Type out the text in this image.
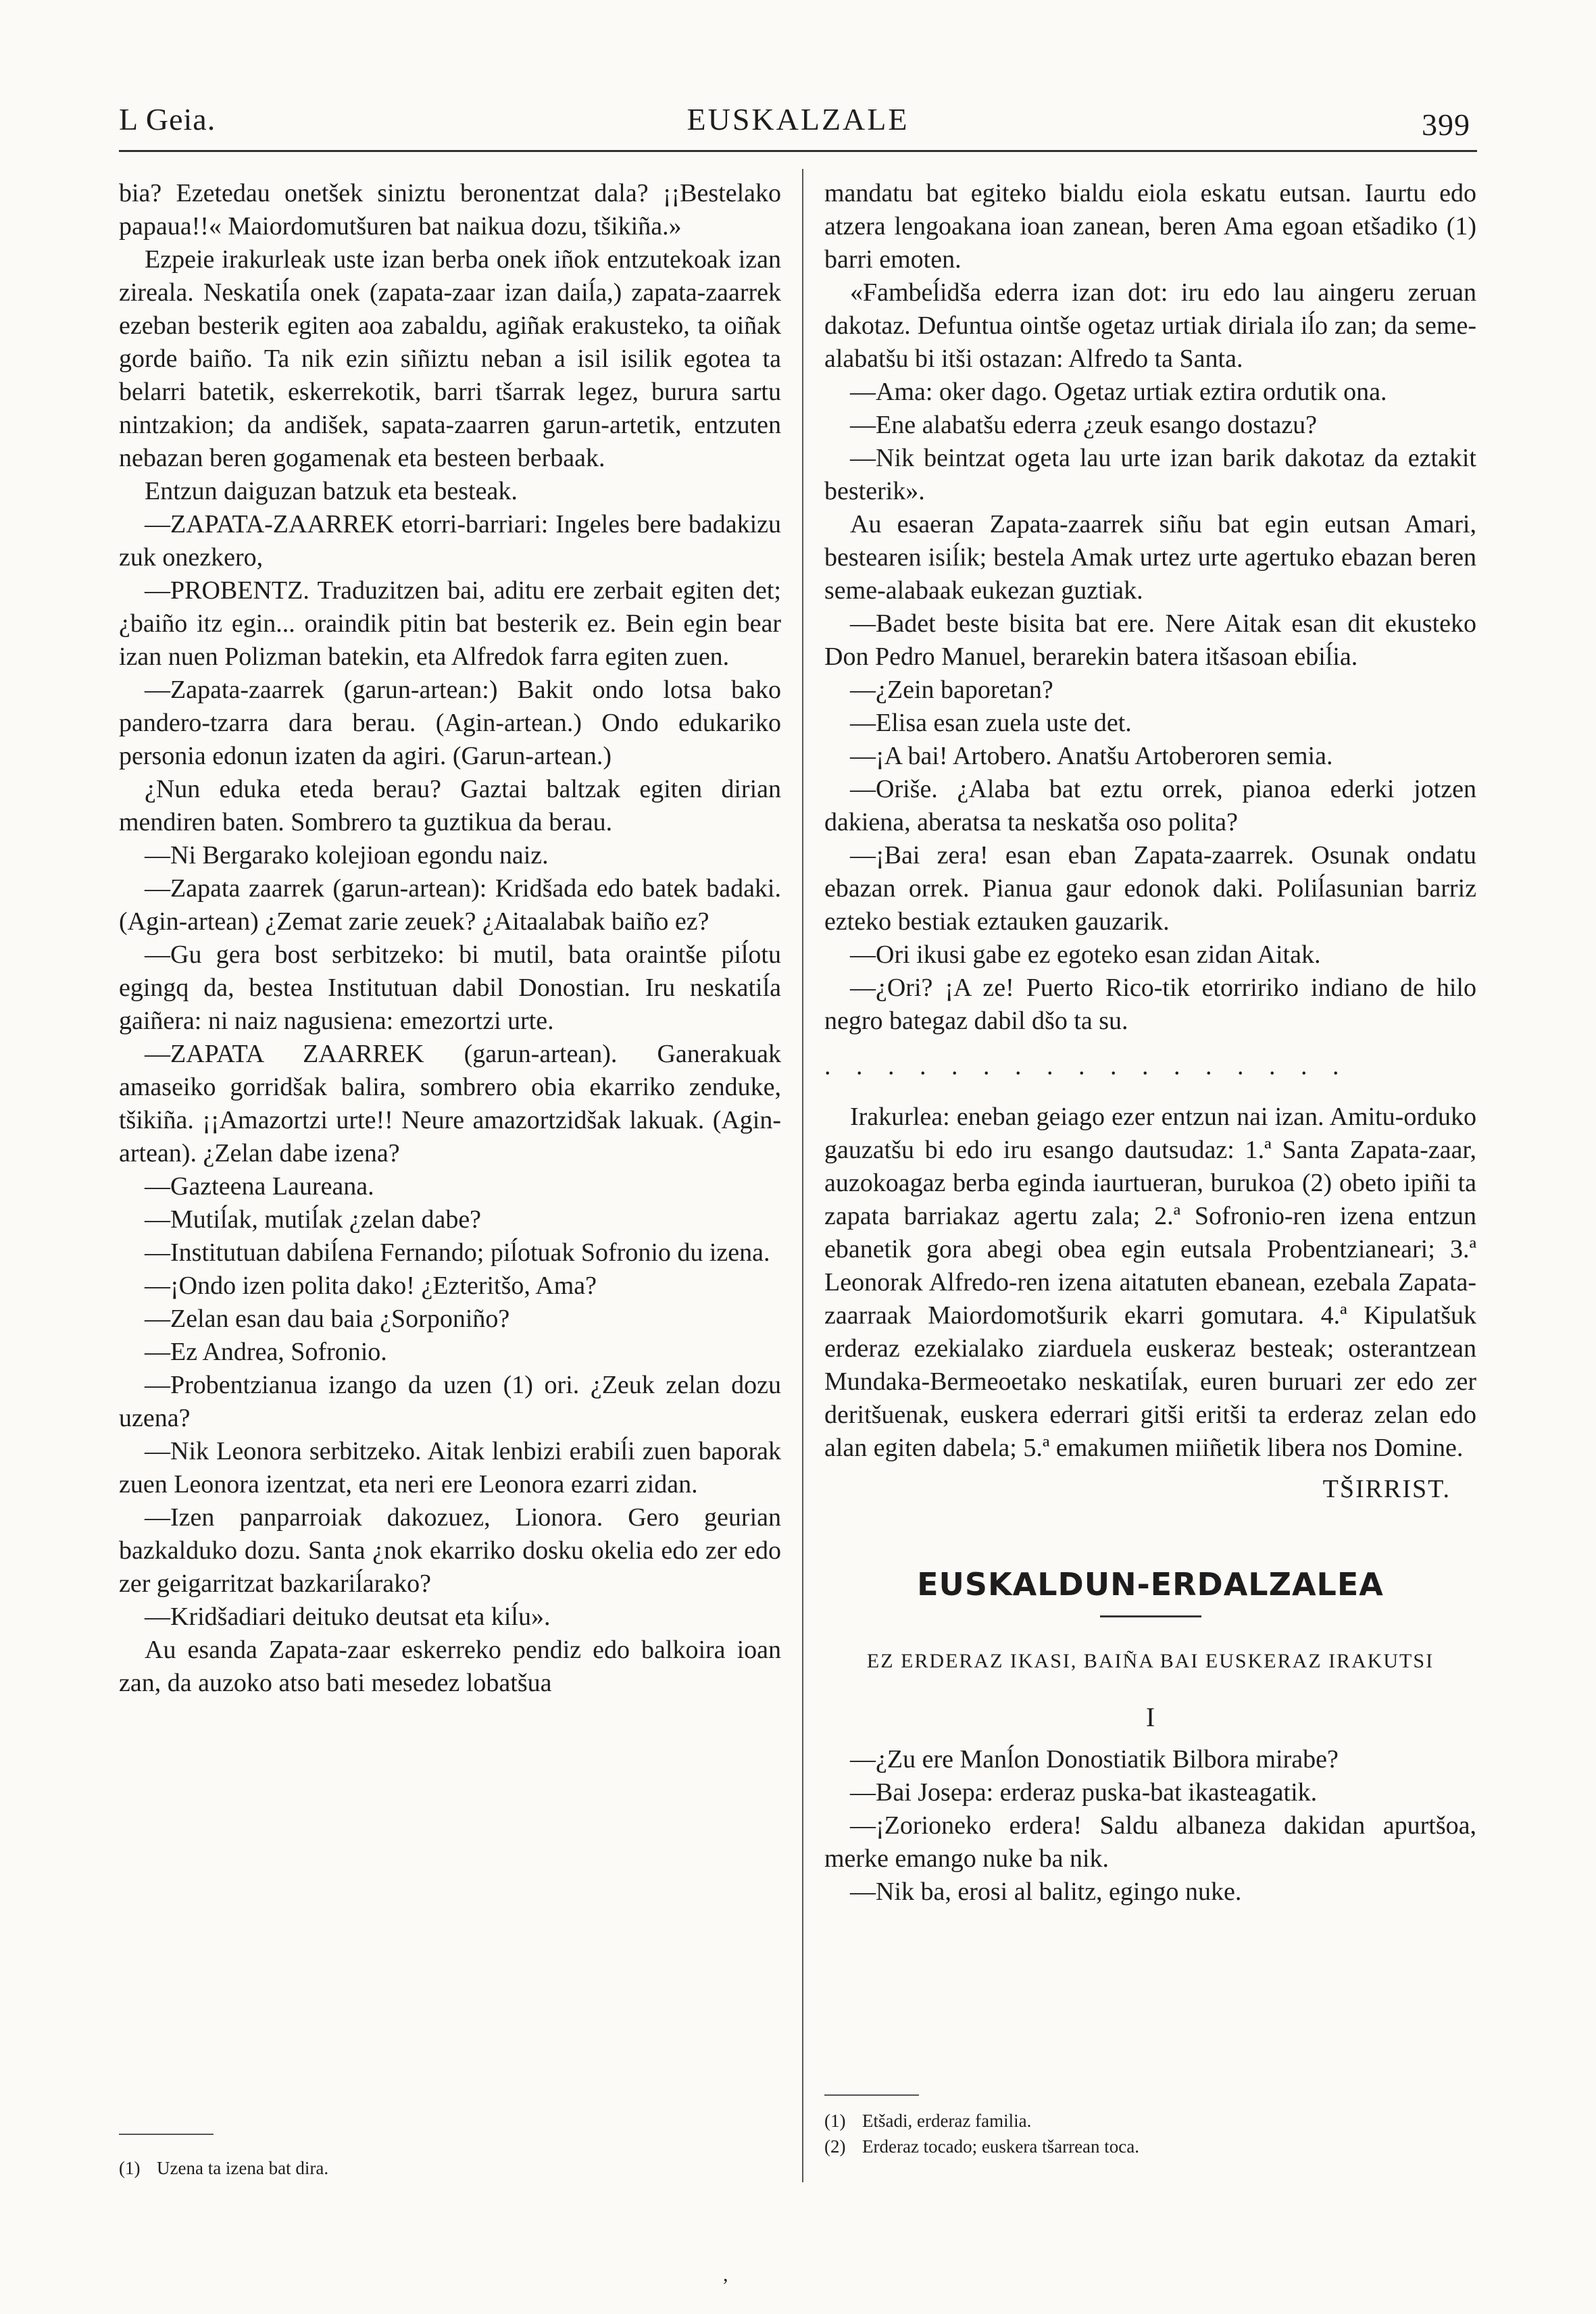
L Geia.	EUSKALZALE	399

bia? Ezetedau onetšek siniztu beronentzat dala? ¡¡Bestelako papaua!!« Maiordomutšuren bat naikua dozu, tšikiña.»

Ezpeie irakurleak uste izan berba onek iñok entzutekoak izan zireala. Neskatiĺa onek (zapata-zaar izan daiĺa,) zapata-zaarrek ezeban besterik egiten aoa zabaldu, agiñak erakusteko, ta oiñak gorde baiño. Ta nik ezin siñiztu neban a isil isilik egotea ta belarri batetik, eskerrekotik, barri tšarrak legez, burura sartu nintzakion; da andišek, sapata-zaarren garun-artetik, entzuten nebazan beren gogamenak eta besteen berbaak.

Entzun daiguzan batzuk eta besteak.

—ZAPATA-ZAARREK etorri-barriari: Ingeles bere badakizu zuk onezkero,

—PROBENTZ. Traduzitzen bai, aditu ere zerbait egiten det; ¿baiño itz egin... oraindik pitin bat besterik ez. Bein egin bear izan nuen Polizman batekin, eta Alfredok farra egiten zuen.

—Zapata-zaarrek (garun-artean:) Bakit ondo lotsa bako pandero-tzarra dara berau. (Agin-artean.) Ondo edukariko personia edonun izaten da agiri. (Garun-artean.)

¿Nun eduka eteda berau? Gaztai baltzak egiten dirian mendiren baten. Sombrero ta guztikua da berau.

—Ni Bergarako kolejioan egondu naiz.

—Zapata zaarrek (garun-artean): Kridšada edo batek badaki. (Agin-artean) ¿Zemat zarie zeuek? ¿Aitaalabak baiño ez?

—Gu gera bost serbitzeko: bi mutil, bata oraintše piĺotu egingq da, bestea Institutuan dabil Donostian. Iru neskatiĺa gaiñera: ni naiz nagusiena: emezortzi urte.

—ZAPATA ZAARREK (garun-artean). Ganerakuak amaseiko gorridšak balira, sombrero obia ekarriko zenduke, tšikiña. ¡¡Amazortzi urte!! Neure amazortzidšak lakuak. (Agin-artean). ¿Zelan dabe izena?

—Gazteena Laureana.

—Mutiĺak, mutiĺak ¿zelan dabe?

—Institutuan dabiĺena Fernando; piĺotuak Sofronio du izena.

—¡Ondo izen polita dako! ¿Ezteritšo, Ama?

—Zelan esan dau baia ¿Sorponiño?

—Ez Andrea, Sofronio.

—Probentzianua izango da uzen (1) ori. ¿Zeuk zelan dozu uzena?

—Nik Leonora serbitzeko. Aitak lenbizi erabiĺi zuen baporak zuen Leonora izentzat, eta neri ere Leonora ezarri zidan.

—Izen panparroiak dakozuez, Lionora. Gero geurian bazkalduko dozu. Santa ¿nok ekarriko dosku okelia edo zer edo zer geigarritzat bazkariĺarako?

—Kridšadiari deituko deutsat eta kiĺu».

Au esanda Zapata-zaar eskerreko pendiz edo balkoira ioan zan, da auzoko atso bati mesedez lobatšua

mandatu bat egiteko bialdu eiola eskatu eutsan. Iaurtu edo atzera lengoakana ioan zanean, beren Ama egoan etšadiko (1) barri emoten.

«Fambeĺidša ederra izan dot: iru edo lau aingeru zeruan dakotaz. Defuntua ointše ogetaz urtiak diriala iĺo zan; da seme-alabatšu bi itši ostazan: Alfredo ta Santa.

—Ama: oker dago. Ogetaz urtiak eztira ordutik ona.

—Ene alabatšu ederra ¿zeuk esango dostazu?

—Nik beintzat ogeta lau urte izan barik dakotaz da eztakit besterik».

Au esaeran Zapata-zaarrek siñu bat egin eutsan Amari, bestearen isiĺik; bestela Amak urtez urte agertuko ebazan beren seme-alabaak eukezan guztiak.

—Badet beste bisita bat ere. Nere Aitak esan dit ekusteko Don Pedro Manuel, berarekin batera itšasoan ebiĺia.

—¿Zein baporetan?

—Elisa esan zuela uste det.

—¡A bai! Artobero. Anatšu Artoberoren semia.

—Oriše. ¿Alaba bat eztu orrek, pianoa ederki jotzen dakiena, aberatsa ta neskatša oso polita?

—¡Bai zera! esan eban Zapata-zaarrek. Osunak ondatu ebazan orrek. Pianua gaur edonok daki. Poliĺasunian barriz ezteko bestiak eztauken gauzarik.

—Ori ikusi gabe ez egoteko esan zidan Aitak.

—¿Ori? ¡A ze! Puerto Rico-tik etorririko indiano de hilo negro bategaz dabil dšo ta su.

. . . . . . . . . . . . . . . . .

Irakurlea: eneban geiago ezer entzun nai izan. Amitu-orduko gauzatšu bi edo iru esango dautsudaz: 1.ª Santa Zapata-zaar, auzokoagaz berba eginda iaurtueran, burukoa (2) obeto ipiñi ta zapata barriakaz agertu zala; 2.ª Sofronio-ren izena entzun ebanetik gora abegi obea egin eutsala Probentzianeari; 3.ª Leonorak Alfredo-ren izena aitatuten ebanean, ezebala Zapata-zaarraak Maiordomotšurik ekarri gomutara. 4.ª Kipulatšuk erderaz ezekialako ziarduela euskeraz besteak; osterantzean Mundaka-Bermeoetako neskatiĺak, euren buruari zer edo zer deritšuenak, euskera ederrari gitši eritši ta erderaz zelan edo alan egiten dabela; 5.ª emakumen miiñetik libera nos Domine.

TŠIRRIST.
EUSKALDUN-ERDALZALEA
EZ ERDERAZ IKASI, BAIÑA BAI EUSKERAZ IRAKUTSI
I

—¿Zu ere Manĺon Donostiatik Bilbora mirabe?

—Bai Josepa: erderaz puska-bat ikasteagatik.

—¡Zorioneko erdera! Saldu albaneza dakidan apurtšoa, merke emango nuke ba nik.

—Nik ba, erosi al balitz, egingo nuke.

(1) Uzena ta izena bat dira.
(1) Etšadi, erderaz familia.
(2) Erderaz tocado; euskera tšarrean toca.
,
